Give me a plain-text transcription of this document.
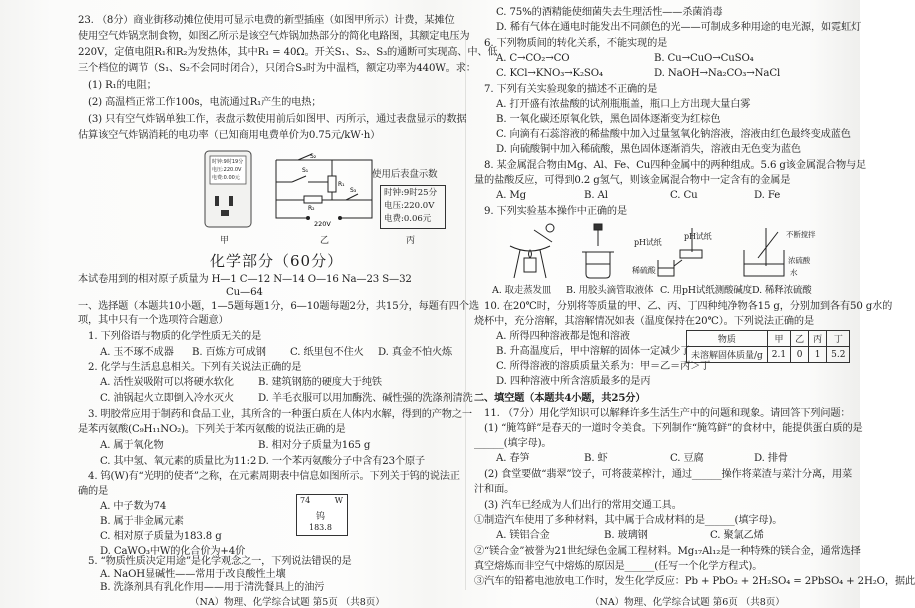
23. （8分）商业街移动摊位使用可显示电费的新型插座（如图甲所示）计费，某摊位
使用空气炸锅烹制食物，如图乙所示是该空气炸锅加热部分的简化电路图，其额定电压为
220V，定值电阻R₁和R₂为发热体，其中R₁ = 40Ω。开关S₁、S₂、S₃的通断可实现高、中、低
三个档位的调节（S₁、S₂不会同时闭合），只闭合S₃时为中温档，额定功率为440W。求：
(1) R₁的电阻；
(2) 高温档正常工作100s，电流通过R₁产生的电热；
(3) 只有空气炸锅单独工作，表盘示数使用前后如图甲、丙所示，通过表盘显示的数据
估算该空气炸锅消耗的电功率（已知商用电费单价为0.75元/kW·h）
时钟:9时19分
电压:220.0V
电费:0.00元
S₁
S₂
S₃
R₁
R₂
220V
使用后表盘示数
时钟:9时25分
电压:220.0V
电费:0.06元
甲	乙	丙
化学部分（60分）
本试卷用到的相对原子质量为 H—1 C—12 N—14 O—16 Na—23 S—32
Cu—64
一、选择题（本题共10小题，1—5题每题1分，6—10题每题2分，共15分，每题有四个选
项，其中只有一个选项符合题意）
1. 下列俗语与物质的化学性质无关的是
A. 玉不琢不成器 B. 百炼方可成钢 C. 纸里包不住火 D. 真金不怕火炼
2. 化学与生活息息相关。下列有关说法正确的是
A. 活性炭吸附可以将硬水软化 B. 建筑钢筋的硬度大于纯铁
C. 油锅起火立即倒入冷水灭火 D. 羊毛衣服可以用加酶洗、碱性强的洗涤剂清洗
3. 明胶常应用于制药和食品工业，其所含的一种蛋白质在人体内水解，得到的产物之一
是苯丙氨酸(C₉H₁₁NO₂)。下列关于苯丙氨酸的说法正确的是
A. 属于氧化物	B. 相对分子质量为165 g
C. 其中氢、氧元素的质量比为11:2 D. 一个苯丙氨酸分子中含有23个原子
4. 钨(W)有“光明的使者”之称，在元素周期表中信息如图所示。下列关于钨的说法正
确的是
A. 中子数为74
B. 属于非金属元素
C. 相对原子质量为183.8 g
D. CaWO₃中W的化合价为+4价
74	W
钨
183.8
5. “物质性质决定用途”是化学观念之一，下列说法错误的是
A. NaOH显碱性——常用于改良酸性土壤
B. 洗涤剂具有乳化作用——用于清洗餐具上的油污
（NA）物理、化学综合试题 第5页 （共8页）
C. 75%的酒精能使细菌失去生理活性——杀菌消毒
D. 稀有气体在通电时能发出不同颜色的光——可制成多种用途的电光源，如霓虹灯
6. 下列物质间的转化关系，不能实现的是
A. C→CO₂→CO	B. Cu→CuO→CuSO₄
C. KCl→KNO₃→K₂SO₄	D. NaOH→Na₂CO₃→NaCl
7. 下列有关实验现象的描述不正确的是
A. 打开盛有浓盐酸的试剂瓶瓶盖，瓶口上方出现大量白雾
B. 一氧化碳还原氧化铁，黑色固体逐渐变为红棕色
C. 向滴有石蕊溶液的稀盐酸中加入过量氢氧化钠溶液，溶液由红色最终变成蓝色
D. 向硫酸铜中加入稀硫酸，黑色固体逐渐消失，溶液由无色变为蓝色
8. 某金属混合物由Mg、Al、Fe、Cu四种金属中的两种组成。5.6 g该金属混合物与足
量的盐酸反应，可得到0.2 g氢气，则该金属混合物中一定含有的金属是
A. Mg	B. Al	C. Cu	D. Fe
9. 下列实验基本操作中正确的是
pH试纸
pH试纸
稀硫酸
不断搅拌
浓硫酸
水
A. 取走蒸发皿 B. 用胶头滴管取液体 C. 用pH试纸测酸碱度 D. 稀释浓硫酸
10. 在20℃时，分别将等质量的甲、乙、丙、丁四种纯净物各15 g，分别加到各有50 g水的
烧杯中，充分溶解，其溶解情况如表（温度保持在20℃）。下列说法正确的是
A. 所得四种溶液都是饱和溶液
B. 升高温度后，甲中溶解的固体一定减少了
C. 所得溶液的溶质质量关系为：甲＝乙＝丙＞丁
D. 四种溶液中所含溶质最多的是丙
物质	甲	乙	丙	丁
未溶解固体质量/g	2.1	0	1	5.2
二、填空题（本题共4小题，共25分）
11. （7分）用化学知识可以解释许多生活生产中的问题和现象。请回答下列问题：
(1) “腌笃鲜”是春天的一道时令美食。下列制作“腌笃鲜”的食材中，能提供蛋白质的是
______(填字母)。
A. 春笋	B. 虾	C. 豆腐	D. 排骨
(2) 食堂要做“翡翠”饺子，可将菠菜榨汁，通过______操作将菜渣与菜汁分离，用菜
汁和面。
(3) 汽车已经成为人们出行的常用交通工具。
①制造汽车使用了多种材料，其中属于合成材料的是______(填字母)。
A. 镁铝合金	B. 玻璃钢	C. 聚氯乙烯
②“镁合金”被誉为21世纪绿色金属工程材料。Mg₁₇Al₁₂是一种特殊的镁合金，通常选择
真空熔炼而非空气中熔炼的原因是______(任写一个化学方程式)。
③汽车的铅蓄电池放电工作时，发生化学反应：Pb + PbO₂ + 2H₂SO₄ = 2PbSO₄ + 2H₂O，据此
（NA）物理、化学综合试题 第6页 （共8页）
